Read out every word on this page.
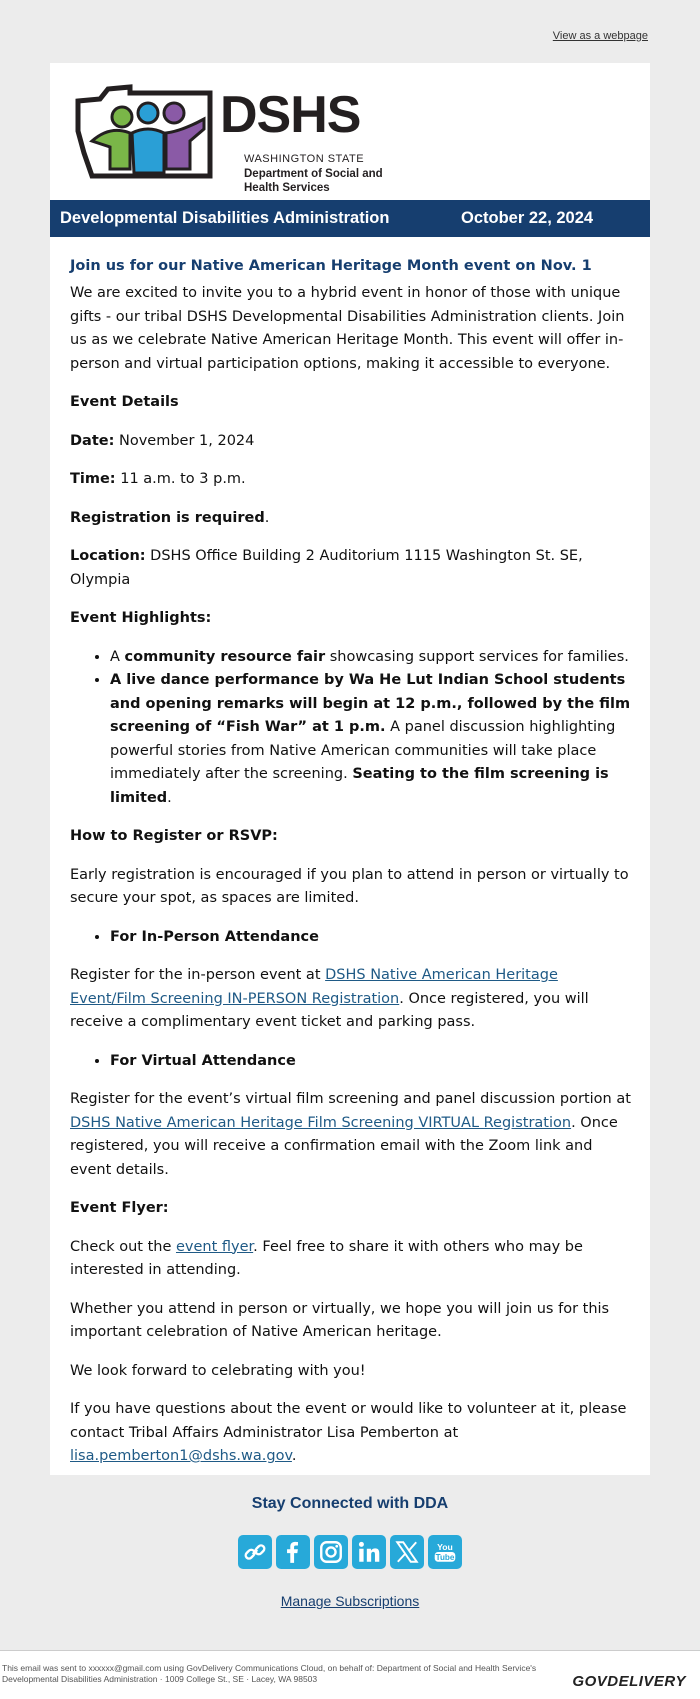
View as a webpage
DSHS
WASHINGTON STATE
Department of Social and Health Services
Developmental Disabilities Administration	October 22, 2024
Join us for our Native American Heritage Month event on Nov. 1

We are excited to invite you to a hybrid event in honor of those with unique gifts - our tribal DSHS Developmental Disabilities Administration clients. Join us as we celebrate Native American Heritage Month. This event will offer in-person and virtual participation options, making it accessible to everyone.

Event Details

Date: November 1, 2024

Time: 11 a.m. to 3 p.m.

Registration is required.

Location: DSHS Office Building 2 Auditorium 1115 Washington St. SE, Olympia

Event Highlights:

• A community resource fair showcasing support services for families.
• A live dance performance by Wa He Lut Indian School students and opening remarks will begin at 12 p.m., followed by the film screening of “Fish War” at 1 p.m. A panel discussion highlighting powerful stories from Native American communities will take place immediately after the screening. Seating to the film screening is limited.

How to Register or RSVP:

Early registration is encouraged if you plan to attend in person or virtually to secure your spot, as spaces are limited.

• For In-Person Attendance

Register for the in-person event at DSHS Native American Heritage Event/Film Screening IN-PERSON Registration. Once registered, you will receive a complimentary event ticket and parking pass.

• For Virtual Attendance

Register for the event’s virtual film screening and panel discussion portion at DSHS Native American Heritage Film Screening VIRTUAL Registration. Once registered, you will receive a confirmation email with the Zoom link and event details.

Event Flyer:

Check out the event flyer. Feel free to share it with others who may be interested in attending.

Whether you attend in person or virtually, we hope you will join us for this important celebration of Native American heritage.

We look forward to celebrating with you!

If you have questions about the event or would like to volunteer at it, please contact Tribal Affairs Administrator Lisa Pemberton at lisa.pemberton1@dshs.wa.gov.

Stay Connected with DDA
You
Tube
Manage Subscriptions
This email was sent to xxxxxx@gmail.com using GovDelivery Communications Cloud, on behalf of: Department of Social and Health Service's Developmental Disabilities Administration · 1009 College St., SE · Lacey, WA 98503	GOVDELIVERY
